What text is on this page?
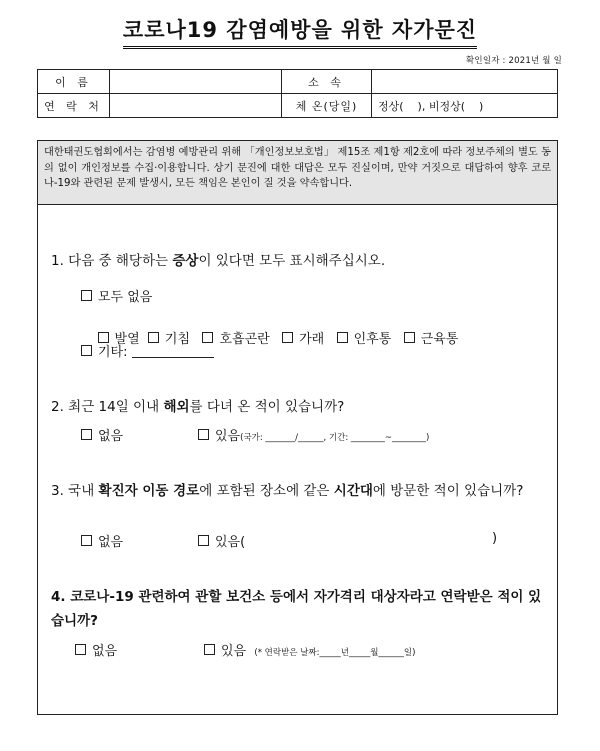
코로나19 감염예방을 위한 자가문진
확인일자 : 2021년 월 일
이 름		소 속	
연 락 처		체 온(당일)	정상(    ), 비정상(    )
대한태권도협회에서는 감염병 예방관리 위해 「개인정보보호법」 제15조 제1항 제2호에 따라 정보주체의 별도 동의 없이 개인정보를 수집·이용합니다. 상기 문진에 대한 대답은 모두 진실이며, 만약 거짓으로 대답하여 향후 코로나-19와 관련된 문제 발생시, 모든 책임은 본인이 질 것을 약속합니다.
1. 다음 중 해당하는 증상이 있다면 모두 표시해주십시오.
모두 없음

발열 기침 호흡곤란 가래 인후통 근육통

기타:
2. 최근 14일 이내 해외를 다녀 온 적이 있습니까?
없음	있음(국가: _______/______, 기간: ________~________)
3. 국내 확진자 이동 경로에 포함된 장소에 같은 시간대에 방문한 적이 있습니까?
없음	있음(	)
4. 코로나-19 관련하여 관할 보건소 등에서 자가격리 대상자라고 연락받은 적이 있습니까?
없음	있음 (* 연락받은 날짜:_____년_____월______일)
